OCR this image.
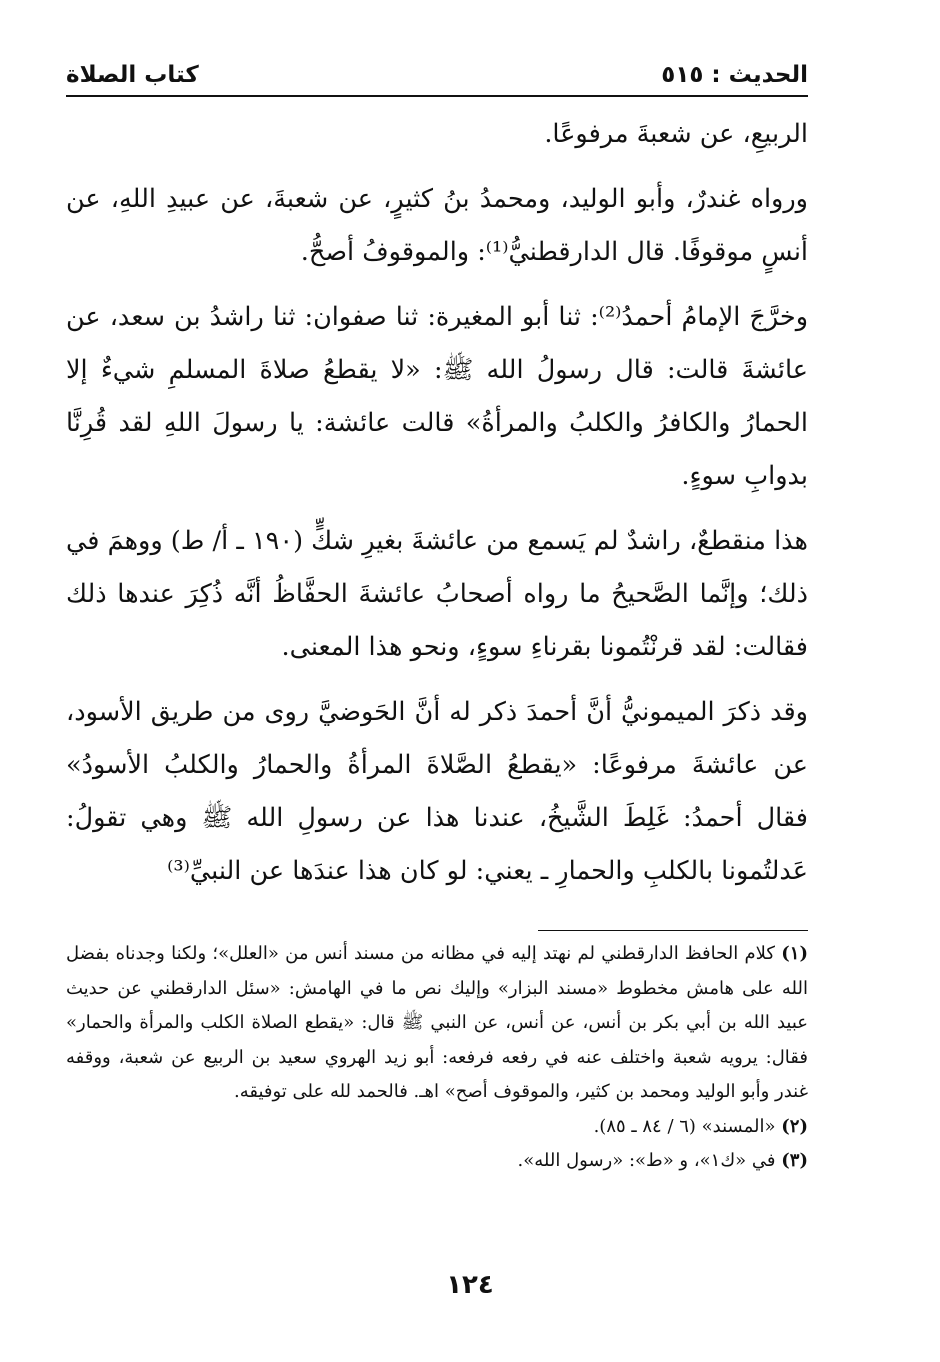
الحديث : ٥١٥
كتاب الصلاة

الربيعِ، عن شعبةَ مرفوعًا.

ورواه غندرٌ، وأبو الوليد، ومحمدُ بنُ كثيرٍ، عن شعبةَ، عن عبيدِ اللهِ، عن أنسٍ موقوفًا. قال الدارقطنيُّ⁽¹⁾: والموقوفُ أصحُّ.

وخرَّجَ الإمامُ أحمدُ⁽²⁾: ثنا أبو المغيرة: ثنا صفوان: ثنا راشدُ بن سعد، عن عائشةَ قالت: قال رسولُ الله ﷺ: «لا يقطعُ صلاةَ المسلمِ شيءٌ إلا الحمارُ والكافرُ والكلبُ والمرأةُ» قالت عائشة: يا رسولَ اللهِ لقد قُرِنَّا بدوابِ سوءٍ.

هذا منقطعٌ، راشدٌ لم يَسمع من عائشةَ بغيرِ شكٍّ (١٩٠ ـ أ/ ط) ووهمَ في ذلك؛ وإنَّما الصَّحيحُ ما رواه أصحابُ عائشةَ الحفَّاظُ أنَّه ذُكِرَ عندها ذلك فقالت: لقد قرنْتُمونا بقرناءِ سوءٍ، ونحو هذا المعنى.

وقد ذكرَ الميمونيُّ أنَّ أحمدَ ذكر له أنَّ الحَوضيَّ روى من طريق الأسود، عن عائشةَ مرفوعًا: «يقطعُ الصَّلاةَ المرأةُ والحمارُ والكلبُ الأسودُ» فقال أحمدُ: غَلِطَ الشَّيخُ، عندنا هذا عن رسولِ الله ﷺ وهي تقولُ: عَدلتُمونا بالكلبِ والحمارِ ـ يعني: لو كان هذا عندَها عن النبيِّ⁽³⁾

(١) كلام الحافظ الدارقطني لم نهتد إليه في مظانه من مسند أنس من «العلل»؛ ولكنا وجدناه بفضل الله على هامش مخطوط «مسند البزار» وإليك نص ما في الهامش: «سئل الدارقطني عن حديث عبيد الله بن أبي بكر بن أنس، عن أنس، عن النبي ﷺ قال: «يقطع الصلاة الكلب والمرأة والحمار» فقال: يرويه شعبة واختلف عنه في رفعه فرفعه: أبو زيد الهروي سعيد بن الربيع عن شعبة، ووقفه غندر وأبو الوليد ومحمد بن كثير، والموقوف أصح» اهـ. فالحمد لله على توفيقه.

(٢) «المسند» (٦ / ٨٤ ـ ٨٥).

(٣) في «ك١»، و «ط»: «رسول الله».

١٢٤
